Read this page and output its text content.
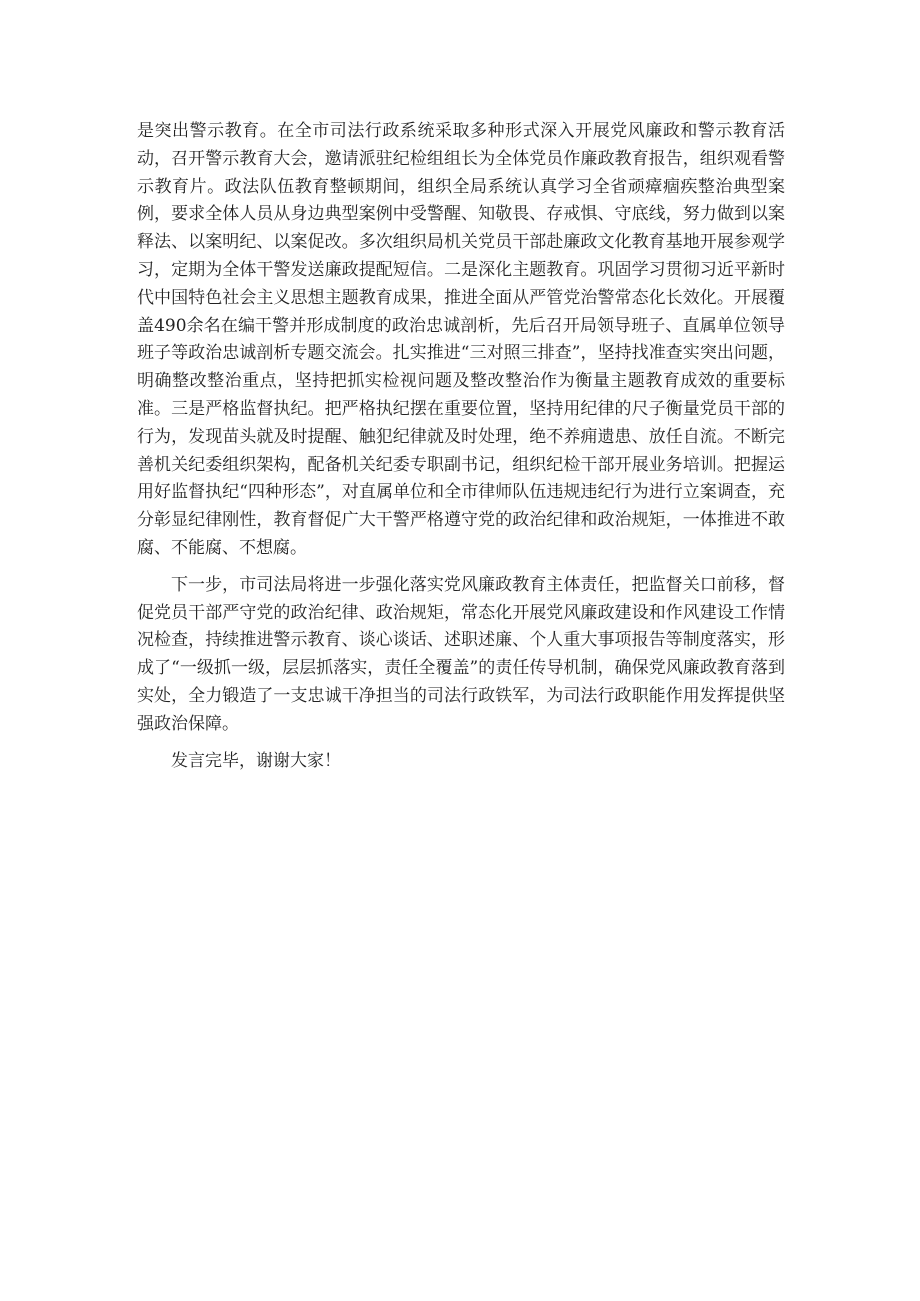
是突出警示教育。在全市司法行政系统采取多种形式深入开展党风廉政和警示教育活动，召开警示教育大会，邀请派驻纪检组组长为全体党员作廉政教育报告，组织观看警示教育片。政法队伍教育整顿期间，组织全局系统认真学习全省顽瘴痼疾整治典型案例，要求全体人员从身边典型案例中受警醒、知敬畏、存戒惧、守底线，努力做到以案释法、以案明纪、以案促改。多次组织局机关党员干部赴廉政文化教育基地开展参观学习，定期为全体干警发送廉政提配短信。二是深化主题教育。巩固学习贯彻习近平新时代中国特色社会主义思想主题教育成果，推进全面从严管党治警常态化长效化。开展覆盖490余名在编干警并形成制度的政治忠诚剖析，先后召开局领导班子、直属单位领导班子等政治忠诚剖析专题交流会。扎实推进“三对照三排查”，坚持找准查实突出问题，明确整改整治重点，坚持把抓实检视问题及整改整治作为衡量主题教育成效的重要标准。三是严格监督执纪。把严格执纪摆在重要位置，坚持用纪律的尺子衡量党员干部的行为，发现苗头就及时提醒、触犯纪律就及时处理，绝不养痈遗患、放任自流。不断完善机关纪委组织架构，配备机关纪委专职副书记，组织纪检干部开展业务培训。把握运用好监督执纪“四种形态”，对直属单位和全市律师队伍违规违纪行为进行立案调查，充分彰显纪律刚性，教育督促广大干警严格遵守党的政治纪律和政治规矩，一体推进不敢腐、不能腐、不想腐。

下一步，市司法局将进一步强化落实党风廉政教育主体责任，把监督关口前移，督促党员干部严守党的政治纪律、政治规矩，常态化开展党风廉政建设和作风建设工作情况检查，持续推进警示教育、谈心谈话、述职述廉、个人重大事项报告等制度落实，形成了“一级抓一级，层层抓落实，责任全覆盖”的责任传导机制，确保党风廉政教育落到实处，全力锻造了一支忠诚干净担当的司法行政铁军，为司法行政职能作用发挥提供坚强政治保障。

发言完毕，谢谢大家！
